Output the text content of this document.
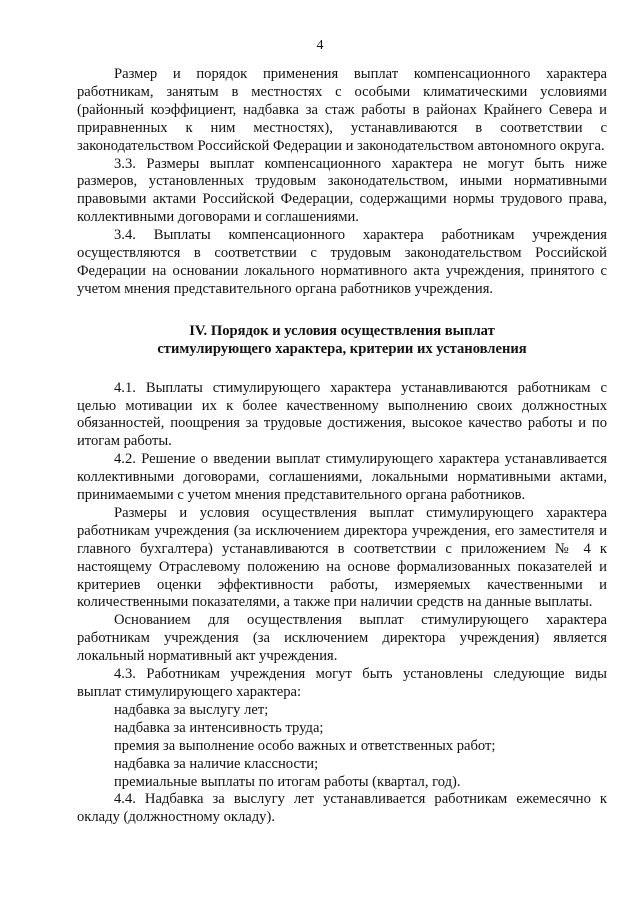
4

Размер и порядок применения выплат компенсационного характера работникам, занятым в местностях с особыми климатическими условиями (районный коэффициент, надбавка за стаж работы в районах Крайнего Севера и приравненных к ним местностях), устанавливаются в соответствии с законодательством Российской Федерации и законодательством автономного округа.

3.3. Размеры выплат компенсационного характера не могут быть ниже размеров, установленных трудовым законодательством, иными нормативными правовыми актами Российской Федерации, содержащими нормы трудового права, коллективными договорами и соглашениями.

3.4. Выплаты компенсационного характера работникам учреждения осуществляются в соответствии с трудовым законодательством Российской Федерации на основании локального нормативного акта учреждения, принятого с учетом мнения представительного органа работников учреждения.

IV. Порядок и условия осуществления выплат
стимулирующего характера, критерии их установления

4.1. Выплаты стимулирующего характера устанавливаются работникам с целью мотивации их к более качественному выполнению своих должностных обязанностей, поощрения за трудовые достижения, высокое качество работы и по итогам работы.

4.2. Решение о введении выплат стимулирующего характера устанавливается коллективными договорами, соглашениями, локальными нормативными актами, принимаемыми с учетом мнения представительного органа работников.

Размеры и условия осуществления выплат стимулирующего характера работникам учреждения (за исключением директора учреждения, его заместителя и главного бухгалтера) устанавливаются в соответствии с приложением № 4 к настоящему Отраслевому положению на основе формализованных показателей и критериев оценки эффективности работы, измеряемых качественными и количественными показателями, а также при наличии средств на данные выплаты.

Основанием для осуществления выплат стимулирующего характера работникам учреждения (за исключением директора учреждения) является локальный нормативный акт учреждения.

4.3. Работникам учреждения могут быть установлены следующие виды выплат стимулирующего характера:

надбавка за выслугу лет;
надбавка за интенсивность труда;
премия за выполнение особо важных и ответственных работ;
надбавка за наличие классности;
премиальные выплаты по итогам работы (квартал, год).

4.4. Надбавка за выслугу лет устанавливается работникам ежемесячно к окладу (должностному окладу).
